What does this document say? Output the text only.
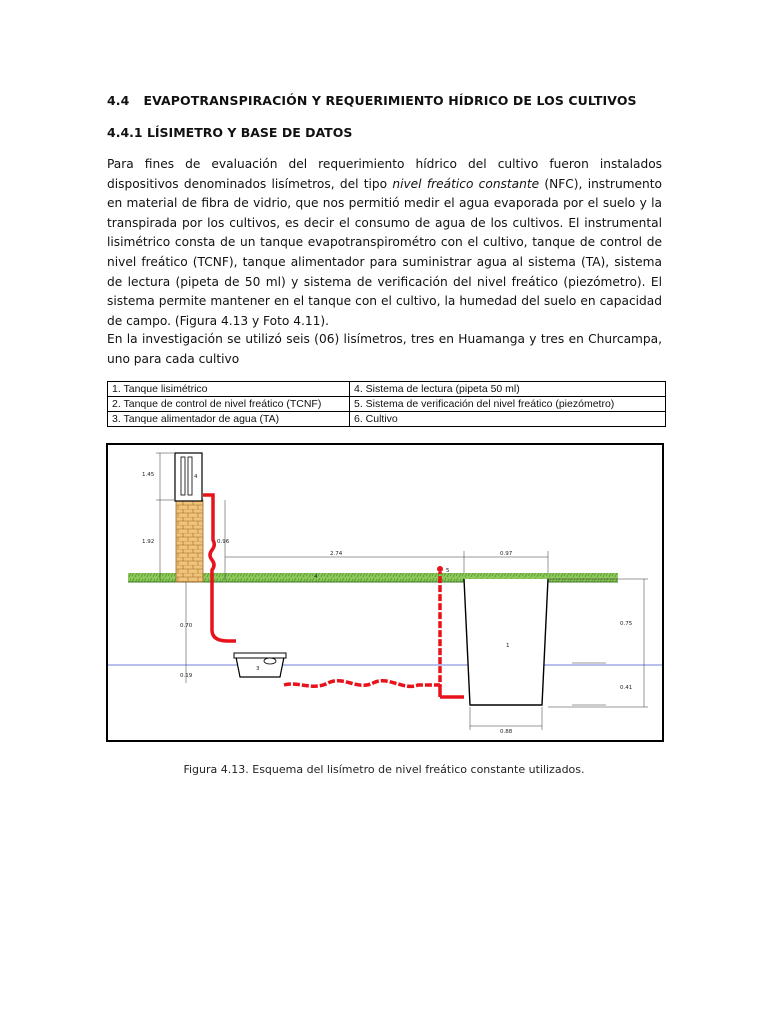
4.4 EVAPOTRANSPIRACIÓN Y REQUERIMIENTO HÍDRICO DE LOS CULTIVOS
4.4.1 LÍSIMETRO Y BASE DE DATOS
Para fines de evaluación del requerimiento hídrico del cultivo fueron instalados dispositivos denominados lisímetros, del tipo nivel freático constante (NFC), instrumento en material de fibra de vidrio, que nos permitió medir el agua evaporada por el suelo y la transpirada por los cultivos, es decir el consumo de agua de los cultivos. El instrumental lisimétrico consta de un tanque evapotranspirométro con el cultivo, tanque de control de nivel freático (TCNF), tanque alimentador para suministrar agua al sistema (TA), sistema de lectura (pipeta de 50 ml) y sistema de verificación del nivel freático (piezómetro). El sistema permite mantener en el tanque con el cultivo, la humedad del suelo en capacidad de campo. (Figura 4.13 y Foto 4.11).
En la investigación se utilizó seis (06) lisímetros, tres en Huamanga y tres en Churcampa, uno para cada cultivo
1. Tanque lisimétrico	4. Sistema de lectura (pipeta 50 ml)
2. Tanque de control de nivel freático (TCNF)	5. Sistema de verificación del nivel freático (piezómetro)
3. Tanque alimentador de agua (TA)	6. Cultivo
4
1.45
1.92
0.70
0.19
0.96
3
5
4
2.74	0.97
1
0.75
0.41
0.88
Figura 4.13. Esquema del lisímetro de nivel freático constante utilizados.
